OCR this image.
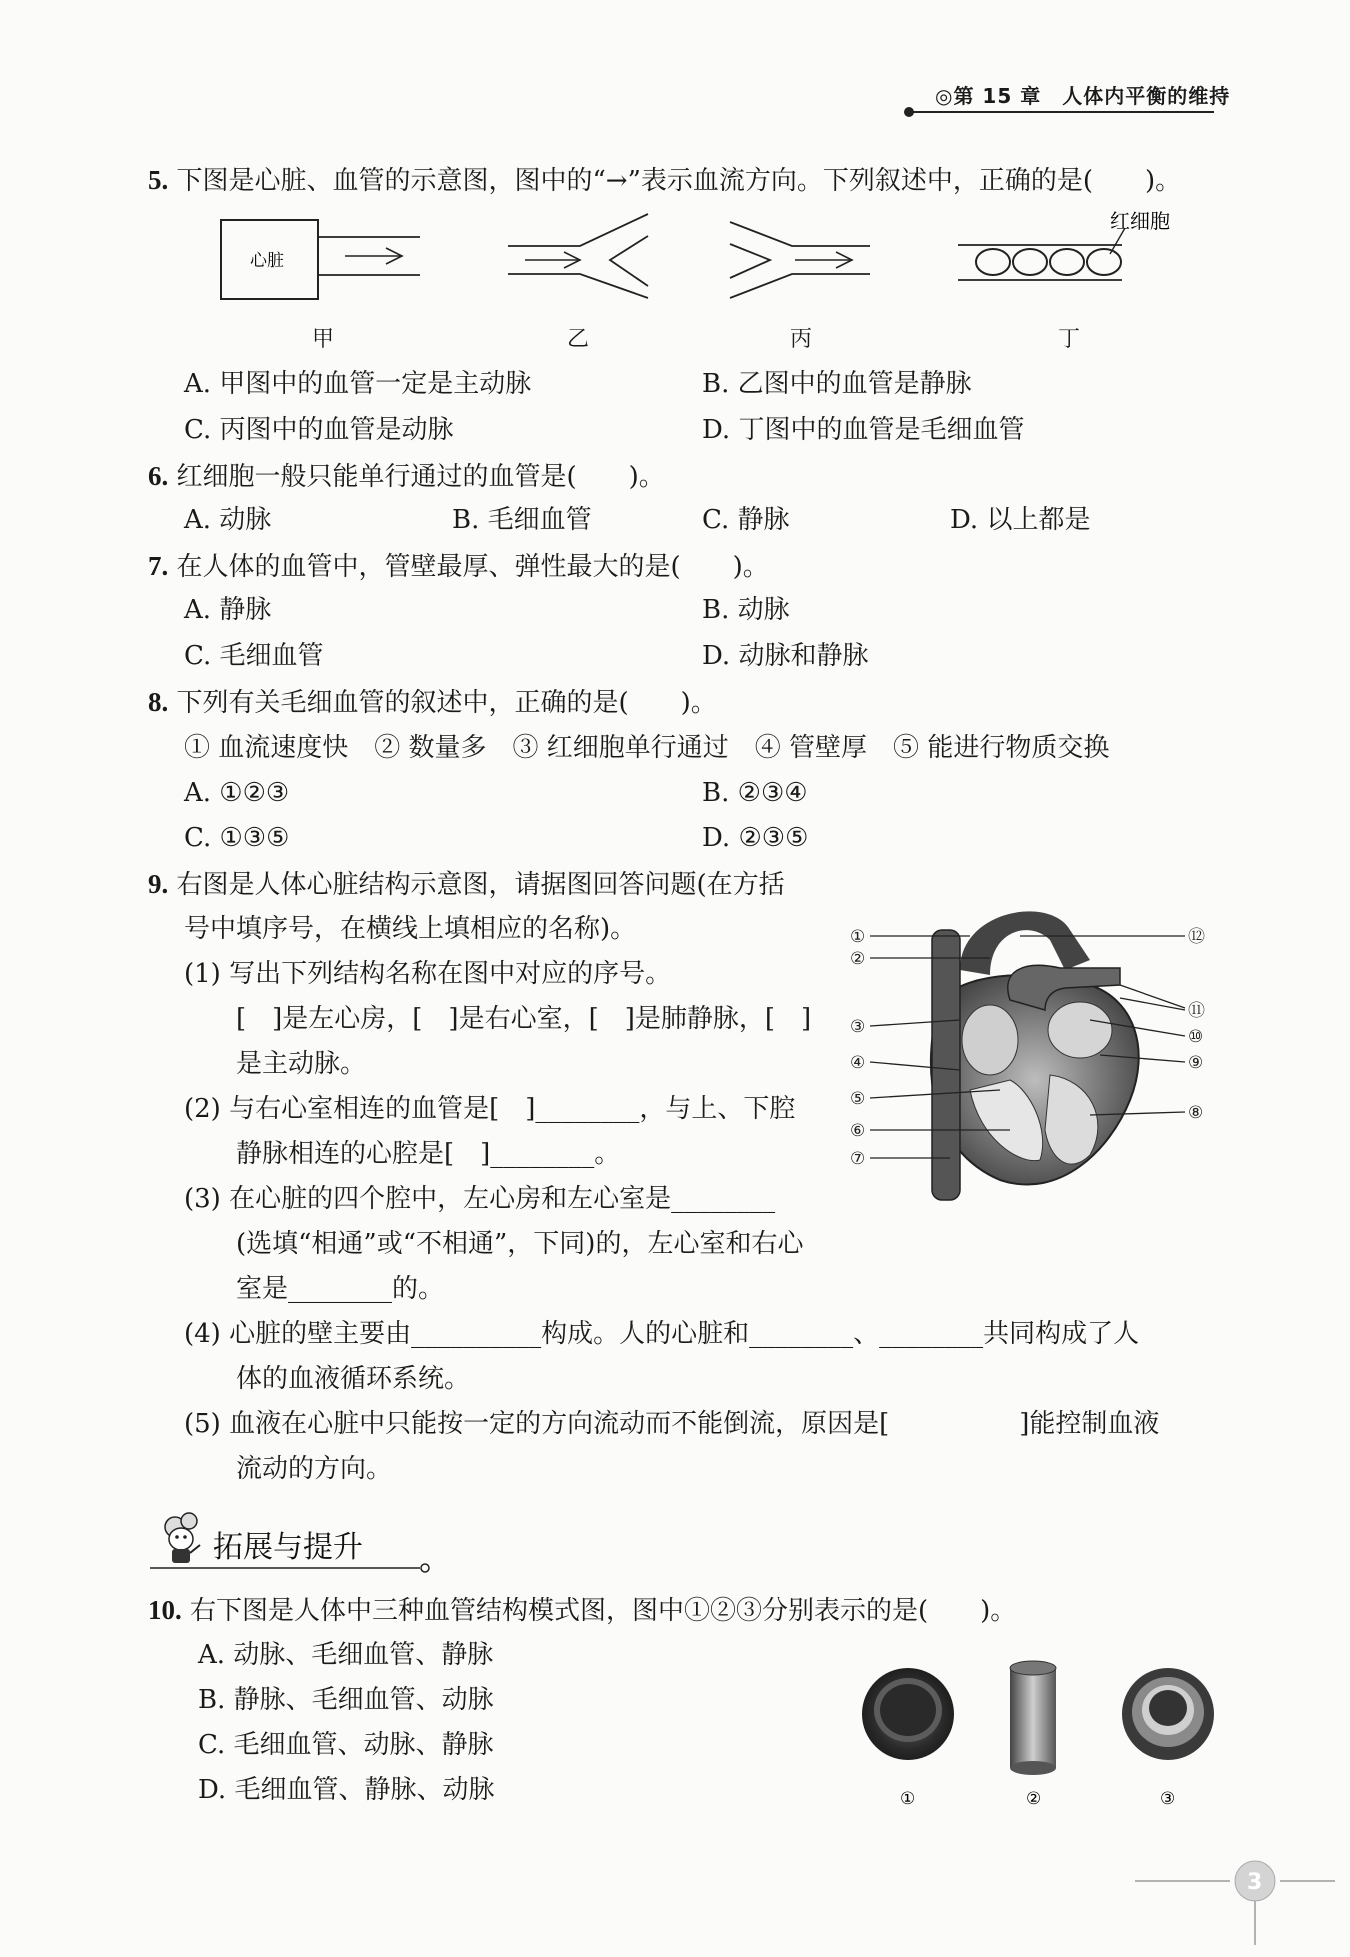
◎第 15 章　人体内平衡的维持
5. 下图是心脏、血管的示意图，图中的“→”表示血流方向。下列叙述中，正确的是(　　)。
心脏
红细胞
甲	乙	丙	丁
A. 甲图中的血管一定是主动脉	B. 乙图中的血管是静脉
C. 丙图中的血管是动脉	D. 丁图中的血管是毛细血管
6. 红细胞一般只能单行通过的血管是(　　)。
A. 动脉	B. 毛细血管	C. 静脉	D. 以上都是
7. 在人体的血管中，管壁最厚、弹性最大的是(　　)。
A. 静脉	B. 动脉
C. 毛细血管	D. 动脉和静脉
8. 下列有关毛细血管的叙述中，正确的是(　　)。
① 血流速度快　② 数量多　③ 红细胞单行通过　④ 管壁厚　⑤ 能进行物质交换
A. ①②③	B. ②③④
C. ①③⑤	D. ②③⑤
9. 右图是人体心脏结构示意图，请据图回答问题(在方括
号中填序号，在横线上填相应的名称)。
(1) 写出下列结构名称在图中对应的序号。
[　]是左心房，[　]是右心室，[　]是肺静脉，[　]
是主动脉。
(2) 与右心室相连的血管是[　]________，与上、下腔
静脉相连的心腔是[　]________。
(3) 在心脏的四个腔中，左心房和左心室是________
(选填“相通”或“不相通”，下同)的，左心室和右心
室是________的。
(4) 心脏的壁主要由__________构成。人的心脏和________、________共同构成了人
体的血液循环系统。
(5) 血液在心脏中只能按一定的方向流动而不能倒流，原因是[　　　　　]能控制血液
流动的方向。
①
②
③
④
⑤
⑥
⑦
⑫
⑪
⑩
⑨
⑧
拓展与提升
10. 右下图是人体中三种血管结构模式图，图中①②③分别表示的是(　　)。
A. 动脉、毛细血管、静脉
B. 静脉、毛细血管、动脉
C. 毛细血管、动脉、静脉
D. 毛细血管、静脉、动脉	①	②	③
3
